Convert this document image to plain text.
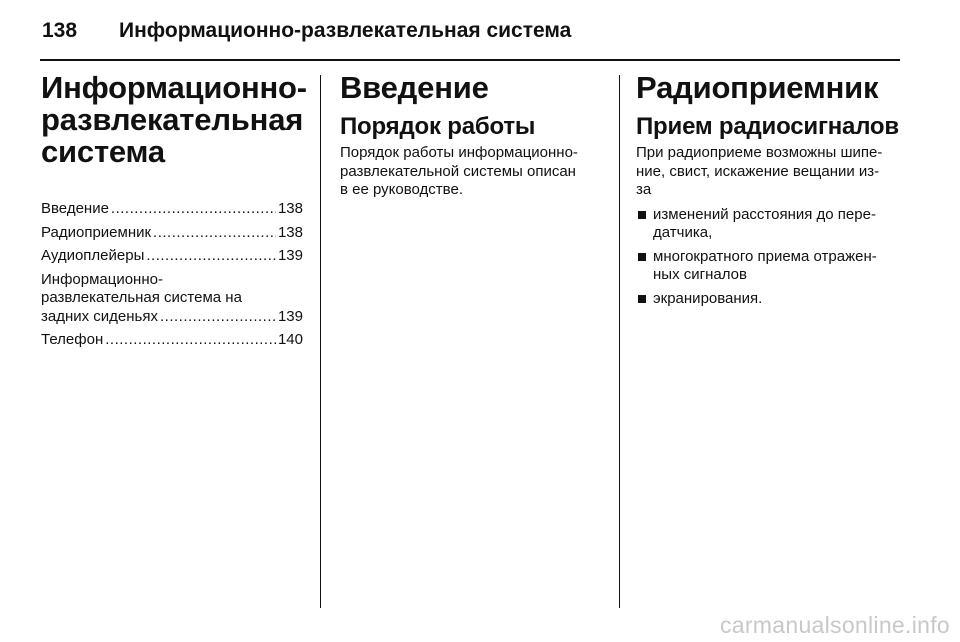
138 Информационно-развлекательная система
Информационно-
развлекательная
система
Введение .....	138
Радиоприемник .....	138
Аудиоплейеры .....	139
Информационно-
развлекательная система на
задних сиденьях .....	139
Телефон .....	140
Введение
Порядок работы

Порядок работы информационно-
развлекательной системы описан
в ее руководстве.

Радиоприемник
Прием радиосигналов

При радиоприеме возможны шипе-
ние, свист, искажение вещании из-
за

изменений расстояния до пере-
датчика,
многократного приема отражен-
ных сигналов
экранирования.
carmanualsonline.info
